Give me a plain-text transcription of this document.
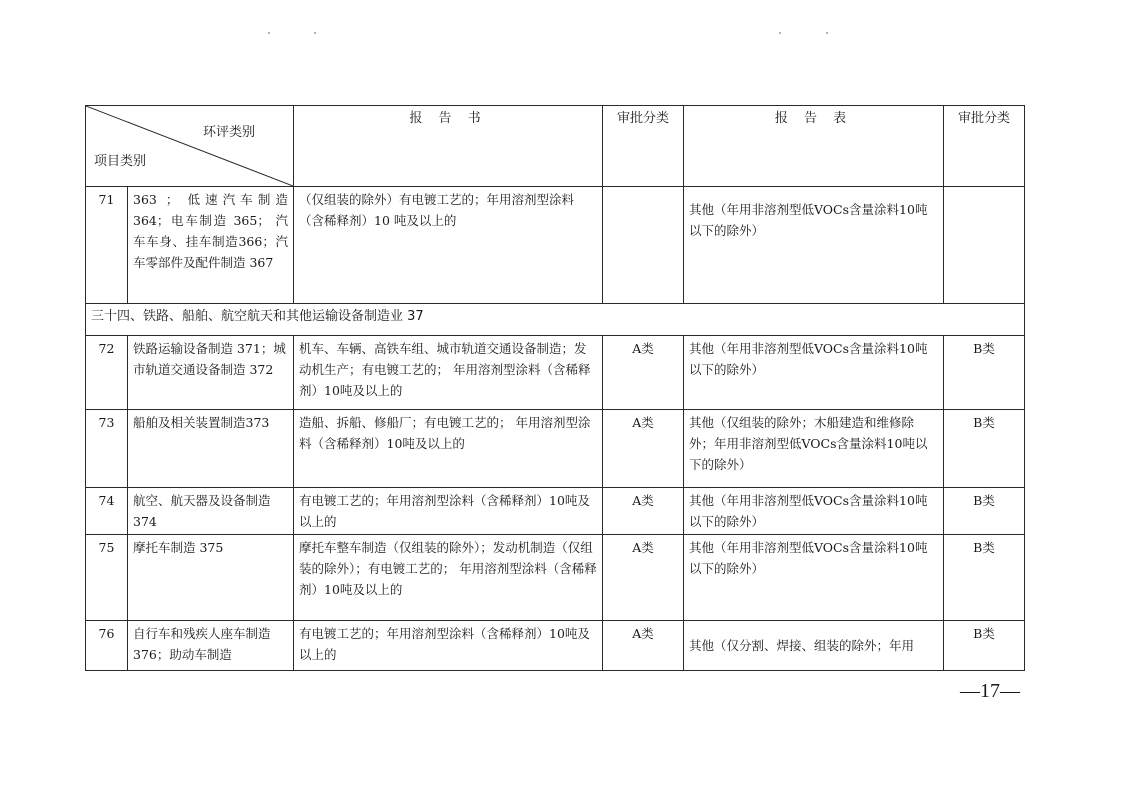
环评类别
项目类别		报 告 书	审批分类	报 告 表	审批分类
71	363 ； 低速汽车制造 364；电车制造 365； 汽车车身、挂车制造366；汽车零部件及配件制造 367	（仅组装的除外）有电镀工艺的；年用溶剂型涂料（含稀释剂）10 吨及以上的		其他（年用非溶剂型低VOCs含量涂料10吨以下的除外）	
三十四、铁路、船舶、航空航天和其他运输设备制造业 37					
72	铁路运输设备制造 371；城市轨道交通设备制造 372	机车、车辆、高铁车组、城市轨道交通设备制造；发动机生产；有电镀工艺的； 年用溶剂型涂料（含稀释剂）10吨及以上的	A类	其他（年用非溶剂型低VOCs含量涂料10吨以下的除外）	B类
73	船舶及相关装置制造373	造船、拆船、修船厂；有电镀工艺的； 年用溶剂型涂料（含稀释剂）10吨及以上的	A类	其他（仅组装的除外；木船建造和维修除外；年用非溶剂型低VOCs含量涂料10吨以下的除外）	B类
74	航空、航天器及设备制造 374	有电镀工艺的；年用溶剂型涂料（含稀释剂）10吨及以上的	A类	其他（年用非溶剂型低VOCs含量涂料10吨以下的除外）	B类
75	摩托车制造 375	摩托车整车制造（仅组装的除外）；发动机制造（仅组装的除外）；有电镀工艺的； 年用溶剂型涂料（含稀释剂）10吨及以上的	A类	其他（年用非溶剂型低VOCs含量涂料10吨以下的除外）	B类
76	自行车和残疾人座车制造 376；助动车制造	有电镀工艺的；年用溶剂型涂料（含稀释剂）10吨及以上的	A类	其他（仅分割、焊接、组装的除外；年用	B类
—17—
